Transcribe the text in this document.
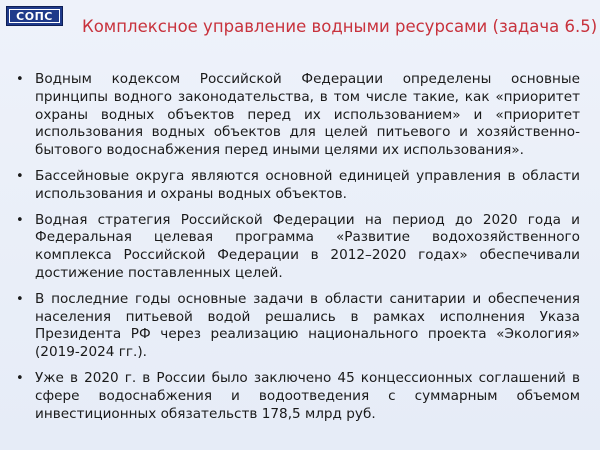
СОПС
Комплексное управление водными ресурсами (задача 6.5)
• Водным кодексом Российской Федерации определены основные принципы водного законодательства, в том числе такие, как «приоритет охраны водных объектов перед их использованием» и «приоритет использования водных объектов для целей питьевого и хозяйственно-бытового водоснабжения перед иными целями их использования».
• Бассейновые округа являются основной единицей управления в области использования и охраны водных объектов.
• Водная стратегия Российской Федерации на период до 2020 года и Федеральная целевая программа «Развитие водохозяйственного комплекса Российской Федерации в 2012–2020 годах» обеспечивали достижение поставленных целей.
• В последние годы основные задачи в области санитарии и обеспечения населения питьевой водой решались в рамках исполнения Указа Президента РФ через реализацию национального проекта «Экология» (2019-2024 гг.).
• Уже в 2020 г. в России было заключено 45 концессионных соглашений в сфере водоснабжения и водоотведения с суммарным объемом инвестиционных обязательств 178,5 млрд руб.
